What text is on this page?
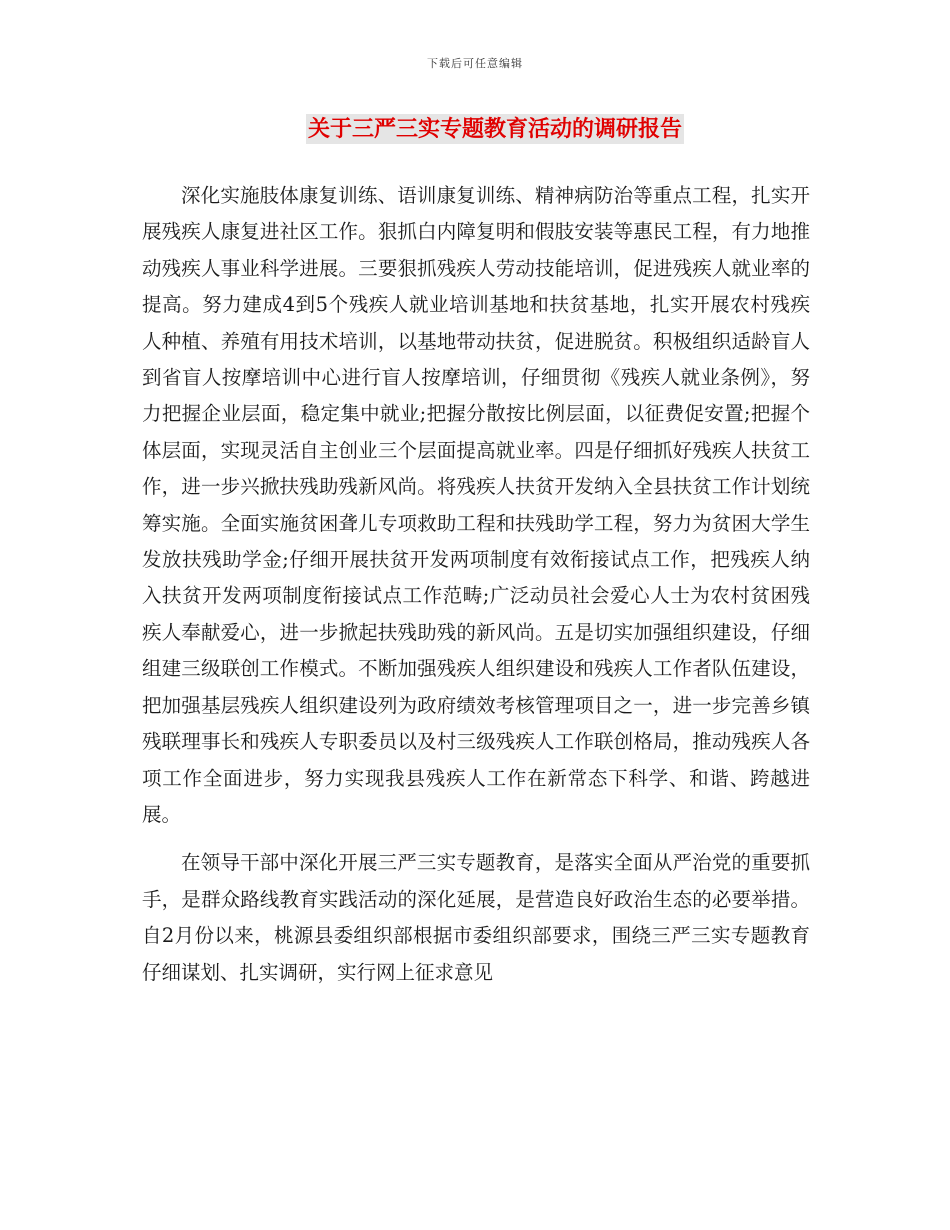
下载后可任意编辑
关于三严三实专题教育活动的调研报告

深化实施肢体康复训练、语训康复训练、精神病防治等重点工程，扎实开展残疾人康复进社区工作。狠抓白内障复明和假肢安装等惠民工程，有力地推动残疾人事业科学进展。三要狠抓残疾人劳动技能培训，促进残疾人就业率的提高。努力建成4到5个残疾人就业培训基地和扶贫基地，扎实开展农村残疾人种植、养殖有用技术培训，以基地带动扶贫，促进脱贫。积极组织适龄盲人到省盲人按摩培训中心进行盲人按摩培训，仔细贯彻《残疾人就业条例》，努力把握企业层面，稳定集中就业;把握分散按比例层面，以征费促安置;把握个体层面，实现灵活自主创业三个层面提高就业率。四是仔细抓好残疾人扶贫工作，进一步兴掀扶残助残新风尚。将残疾人扶贫开发纳入全县扶贫工作计划统筹实施。全面实施贫困聋儿专项救助工程和扶残助学工程，努力为贫困大学生发放扶残助学金;仔细开展扶贫开发两项制度有效衔接试点工作，把残疾人纳入扶贫开发两项制度衔接试点工作范畴;广泛动员社会爱心人士为农村贫困残疾人奉献爱心，进一步掀起扶残助残的新风尚。五是切实加强组织建设，仔细组建三级联创工作模式。不断加强残疾人组织建设和残疾人工作者队伍建设，把加强基层残疾人组织建设列为政府绩效考核管理项目之一，进一步完善乡镇残联理事长和残疾人专职委员以及村三级残疾人工作联创格局，推动残疾人各项工作全面进步，努力实现我县残疾人工作在新常态下科学、和谐、跨越进展。

在领导干部中深化开展三严三实专题教育，是落实全面从严治党的重要抓手，是群众路线教育实践活动的深化延展，是营造良好政治生态的必要举措。自2月份以来，桃源县委组织部根据市委组织部要求，围绕三严三实专题教育仔细谋划、扎实调研，实行网上征求意见
